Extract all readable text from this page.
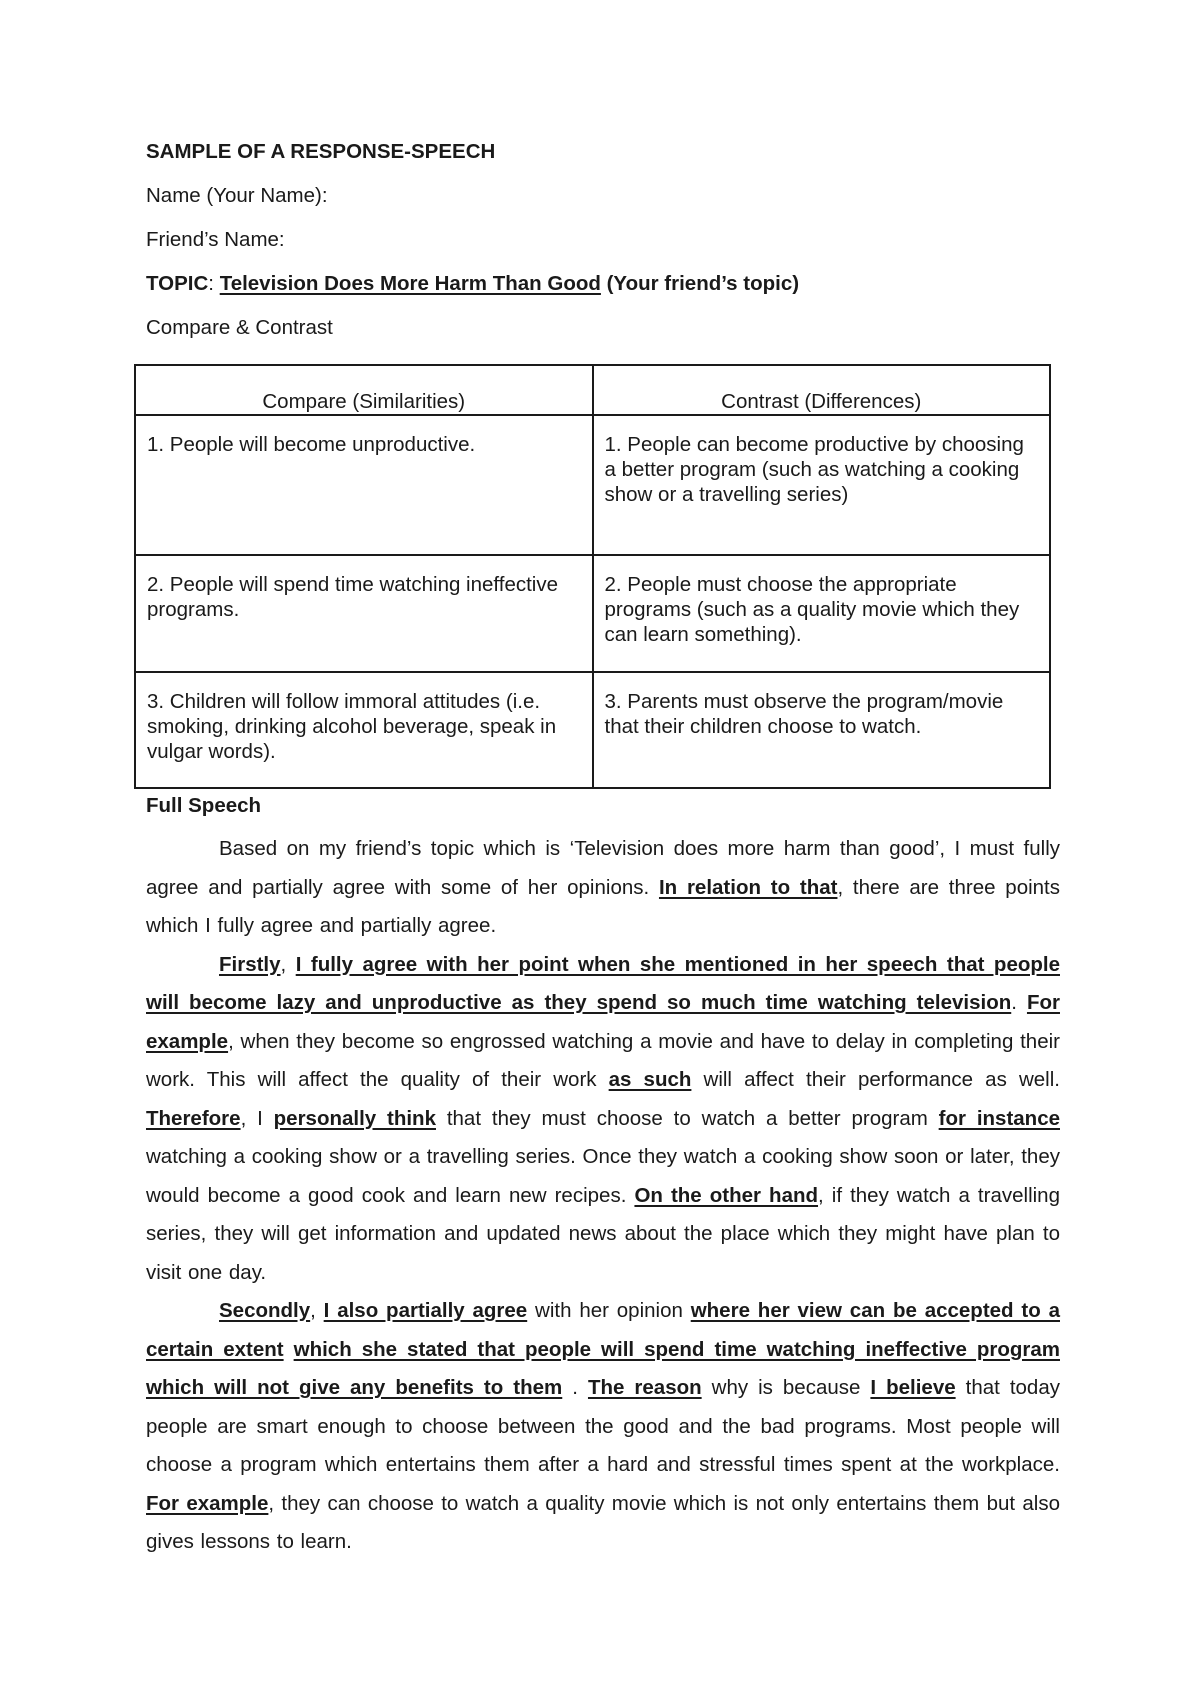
SAMPLE OF A RESPONSE-SPEECH

Name (Your Name):

Friend’s Name:

TOPIC: Television Does More Harm Than Good (Your friend’s topic)

Compare & Contrast

Compare (Similarities)	Contrast (Differences)
1. People will become unproductive.	1. People can become productive by choosing a better program (such as watching a cooking show or a travelling series)
2. People will spend time watching ineffective programs.	2. People must choose the appropriate programs (such as a quality movie which they can learn something).
3. Children will follow immoral attitudes (i.e. smoking, drinking alcohol beverage, speak in vulgar words).	3. Parents must observe the program/movie that their children choose to watch.

Full Speech

Based on my friend’s topic which is ‘Television does more harm than good’, I must fully agree and partially agree with some of her opinions. In relation to that, there are three points which I fully agree and partially agree.

Firstly, I fully agree with her point when she mentioned in her speech that people will become lazy and unproductive as they spend so much time watching television. For example, when they become so engrossed watching a movie and have to delay in completing their work. This will affect the quality of their work as such will affect their performance as well. Therefore, I personally think that they must choose to watch a better program for instance watching a cooking show or a travelling series. Once they watch a cooking show soon or later, they would become a good cook and learn new recipes. On the other hand, if they watch a travelling series, they will get information and updated news about the place which they might have plan to visit one day.

Secondly, I also partially agree with her opinion where her view can be accepted to a certain extent which she stated that people will spend time watching ineffective program which will not give any benefits to them . The reason why is because I believe that today people are smart enough to choose between the good and the bad programs. Most people will choose a program which entertains them after a hard and stressful times spent at the workplace. For example, they can choose to watch a quality movie which is not only entertains them but also gives lessons to learn.
